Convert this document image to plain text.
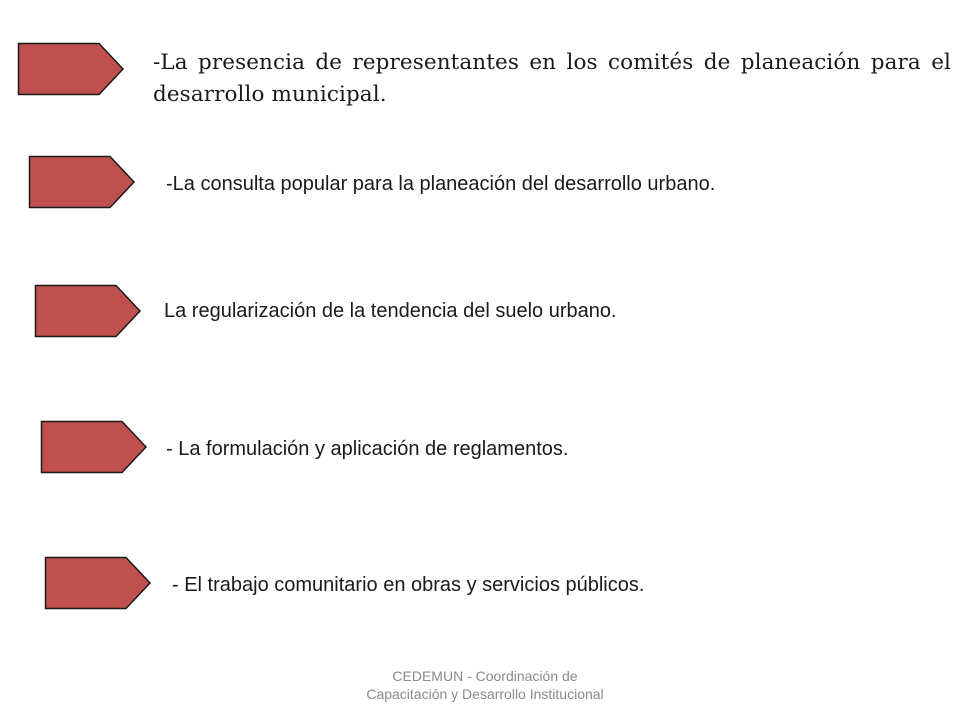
-La presencia de representantes en los comités de planeación para el desarrollo municipal.

-La consulta popular para la planeación del desarrollo urbano.

La regularización de la tendencia del suelo urbano.

- La formulación y aplicación de reglamentos.

- El trabajo comunitario en obras y servicios públicos.

CEDEMUN - Coordinación de
Capacitación y Desarrollo Institucional
